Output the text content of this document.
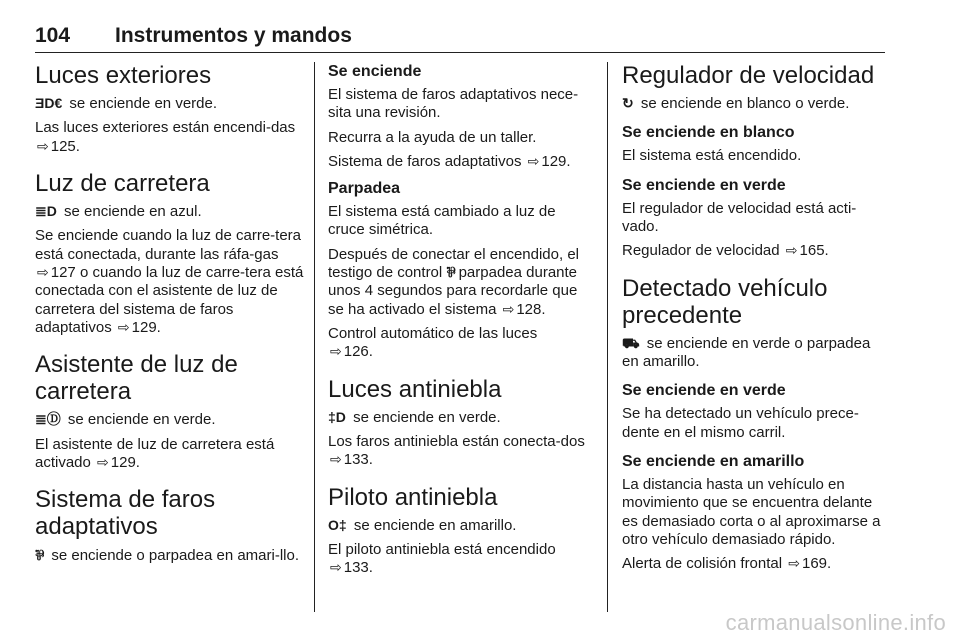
104 Instrumentos y mandos
Luces exteriores

ƎD€ se enciende en verde.

Las luces exteriores están encendi-das ⇨ 125.

Luz de carretera

≣D se enciende en azul.

Se enciende cuando la luz de carre-tera está conectada, durante las ráfa-gas ⇨ 127 o cuando la luz de carre-tera está conectada con el asistente de luz de carretera del sistema de faros adaptativos ⇨ 129.

Asistente de luz de carretera

≣Ⓓ se enciende en verde.

El asistente de luz de carretera está activado ⇨ 129.

Sistema de faros adaptativos

⅌ se enciende o parpadea en amari-llo.

Se enciende

El sistema de faros adaptativos nece-sita una revisión.

Recurra a la ayuda de un taller.

Sistema de faros adaptativos ⇨ 129.

Parpadea

El sistema está cambiado a luz de cruce simétrica.

Después de conectar el encendido, el testigo de control ⅌ parpadea durante unos 4 segundos para recordarle que se ha activado el sistema ⇨ 128.

Control automático de las luces
⇨ 126.

Luces antiniebla

‡D se enciende en verde.

Los faros antiniebla están conecta-dos ⇨ 133.

Piloto antiniebla

O‡ se enciende en amarillo.

El piloto antiniebla está encendido
⇨ 133.

Regulador de velocidad

↻ se enciende en blanco o verde.

Se enciende en blanco

El sistema está encendido.

Se enciende en verde

El regulador de velocidad está acti-vado.

Regulador de velocidad ⇨ 165.

Detectado vehículo precedente

⛟ se enciende en verde o parpadea en amarillo.

Se enciende en verde

Se ha detectado un vehículo prece-dente en el mismo carril.

Se enciende en amarillo

La distancia hasta un vehículo en movimiento que se encuentra delante es demasiado corta o al aproximarse a otro vehículo demasiado rápido.

Alerta de colisión frontal ⇨ 169.

carmanualsonline.info
